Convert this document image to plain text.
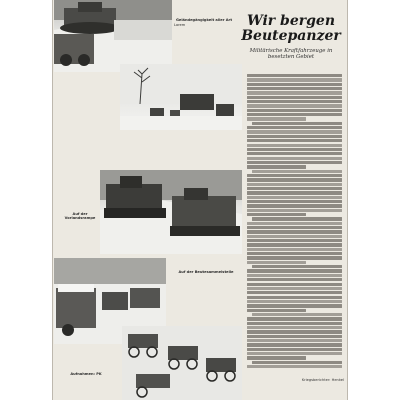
Geländegängigkeit aller Art
Lorem
Auf der Vorlandsrampe
Auf der Beutesammelstelle
Aufnahmen: PK
Wir bergen
Beutepanzer
Militärische Kraftfahrzeuge in besetzten Gebiet
Kriegsberichter: Henkel
